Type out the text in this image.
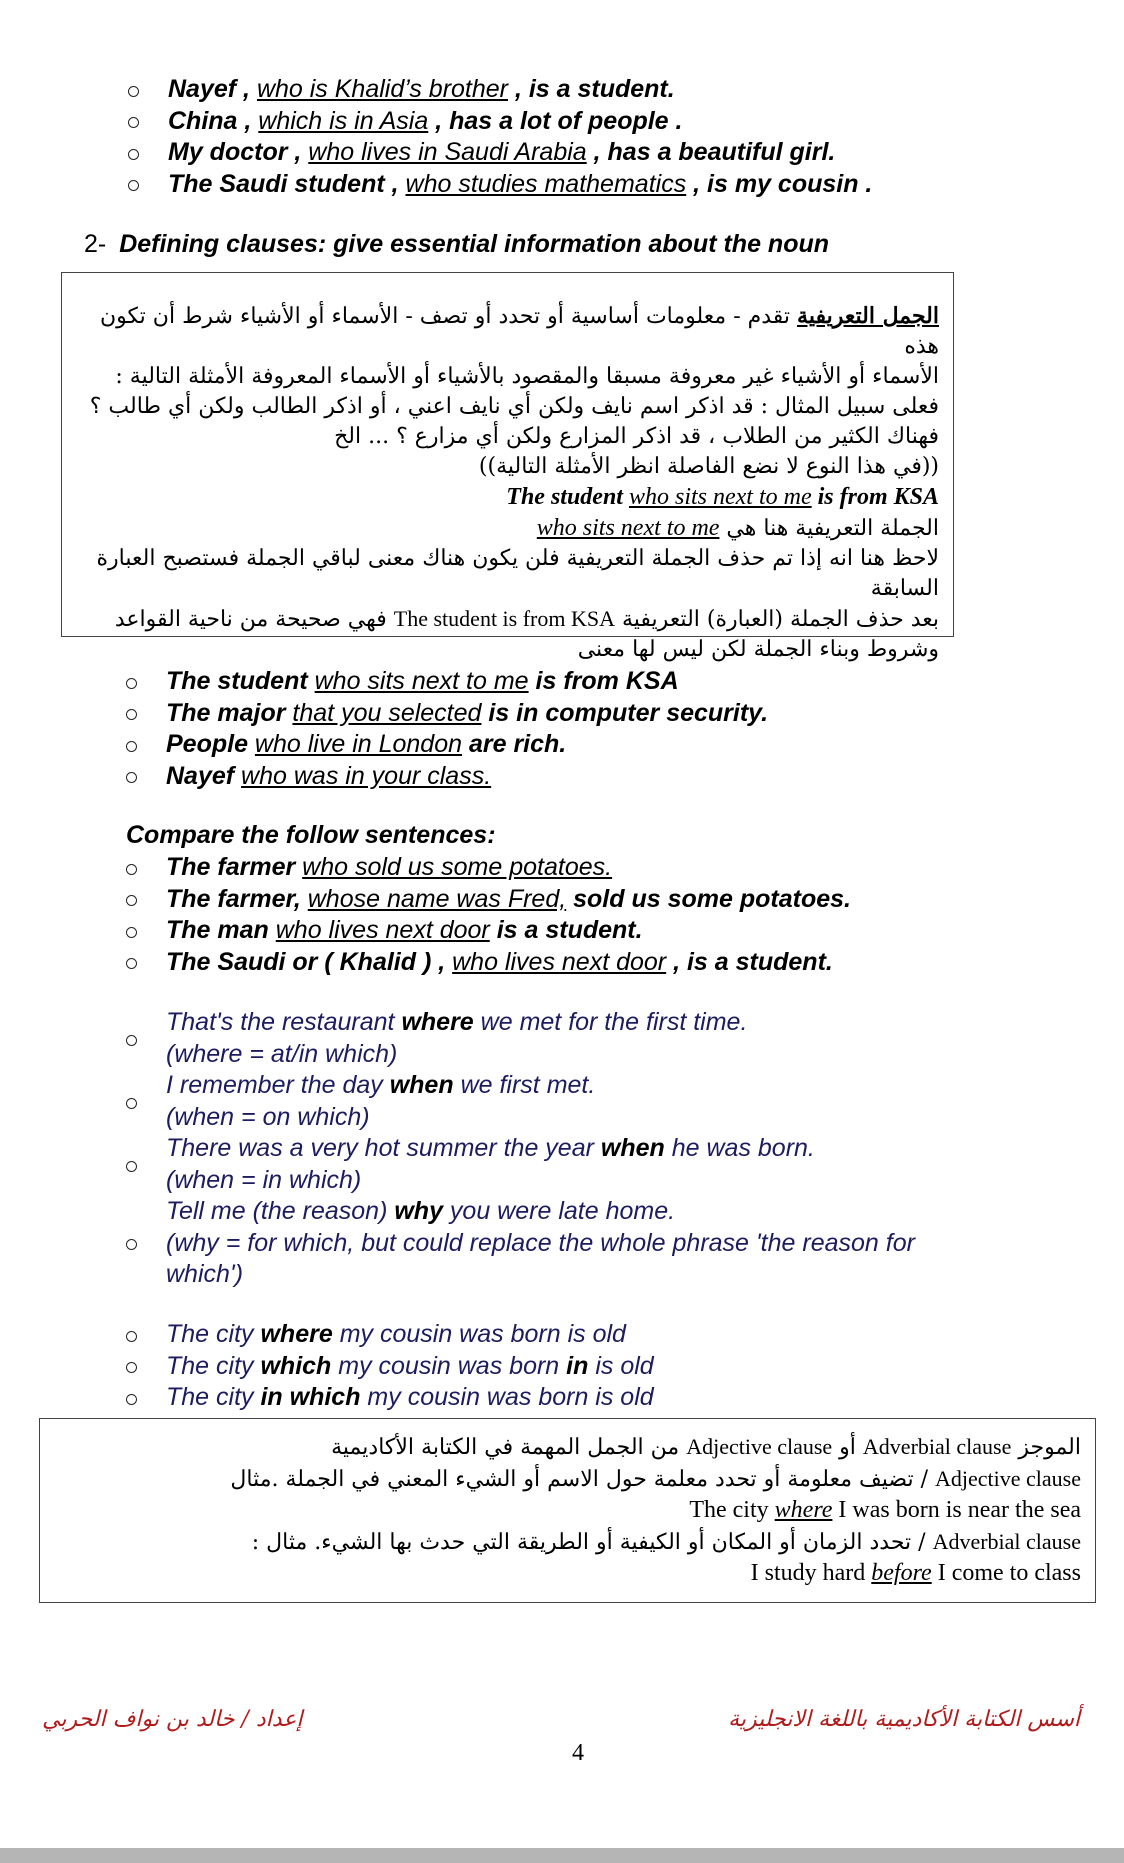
Nayef , who is Khalid’s brother , is a student.
China , which is in Asia , has a lot of people .
My doctor , who lives in Saudi Arabia , has a beautiful girl.
The Saudi student , who studies mathematics , is my cousin .
2- Defining clauses: give essential information about the noun
الجمل التعريفية تقدم - معلومات أساسية أو تحدد أو تصف - الأسماء أو الأشياء شرط أن تكون هذه
الأسماء أو الأشياء غير معروفة مسبقا والمقصود بالأشياء أو الأسماء المعروفة الأمثلة التالية :
فعلى سبيل المثال : قد اذكر اسم نايف ولكن أي نايف اعني ، أو اذكر الطالب ولكن أي طالب ؟
فهناك الكثير من الطلاب ، قد اذكر المزارع ولكن أي مزارع ؟ ... الخ
((في هذا النوع لا نضع الفاصلة انظر الأمثلة التالية))
The student who sits next to me is from KSA
الجملة التعريفية هنا هي who sits next to me
لاحظ هنا انه إذا تم حذف الجملة التعريفية فلن يكون هناك معنى لباقي الجملة فستصبح العبارة السابقة
بعد حذف الجملة (العبارة) التعريفية The student is from KSA فهي صحيحة من ناحية القواعد
وشروط وبناء الجملة لكن ليس لها معنى
The student who sits next to me is from KSA
The major that you selected is in computer security.
People who live in London are rich.
Nayef who was in your class.
Compare the follow sentences:
The farmer who sold us some potatoes.
The farmer, whose name was Fred, sold us some potatoes.
The man who lives next door is a student.
The Saudi or ( Khalid ) , who lives next door , is a student.
That's the restaurant where we met for the first time.
(where = at/in which)
I remember the day when we first met.
(when = on which)
There was a very hot summer the year when he was born.
(when = in which)
Tell me (the reason) why you were late home.
(why = for which, but could replace the whole phrase 'the reason for
which')
The city where my cousin was born is old
The city which my cousin was born in is old
The city in which my cousin was born is old
الموجز Adverbial clause أو Adjective clause من الجمل المهمة في الكتابة الأكاديمية
Adjective clause / تضيف معلومة أو تحدد معلمة حول الاسم أو الشيء المعني في الجملة .مثال
The city where I was born is near the sea
Adverbial clause / تحدد الزمان أو المكان أو الكيفية أو الطريقة التي حدث بها الشيء. مثال :
I study hard before I come to class
أسس الكتابة الأكاديمية باللغة الانجليزية
إعداد / خالد بن نواف الحربي
4
